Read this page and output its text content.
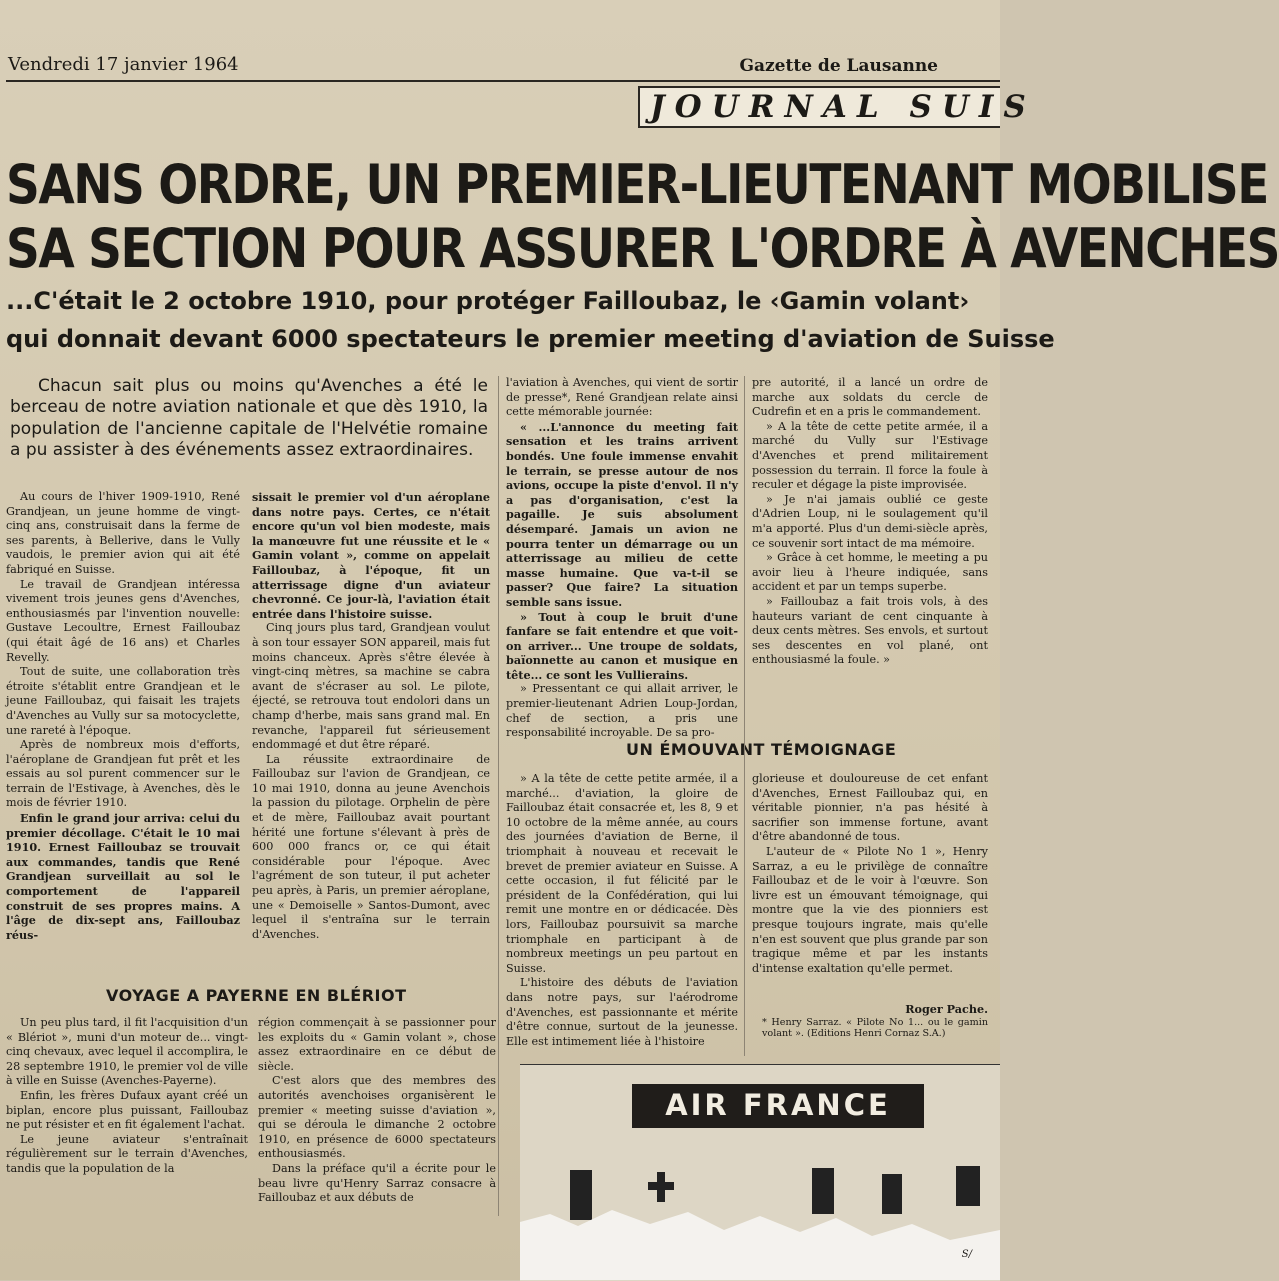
Vendredi 17 janvier 1964	Gazette de Lausanne
JOURNAL SUIS
SANS ORDRE, UN PREMIER-LIEUTENANT MOBILISE
SA SECTION POUR ASSURER L'ORDRE À AVENCHES
...C'était le 2 octobre 1910, pour protéger Failloubaz, le ‹Gamin volant›
qui donnait devant 6000 spectateurs le premier meeting d'aviation de Suisse
Chacun sait plus ou moins qu'Avenches a été le berceau de notre aviation nationale et que dès 1910, la population de l'ancienne capitale de l'Helvétie romaine a pu assister à des événements assez extraordinaires.

Au cours de l'hiver 1909-1910, René Grandjean, un jeune homme de vingt-cinq ans, construisait dans la ferme de ses parents, à Bellerive, dans le Vully vaudois, le premier avion qui ait été fabriqué en Suisse.

Le travail de Grandjean intéressa vivement trois jeunes gens d'Avenches, enthousiasmés par l'invention nouvelle: Gustave Lecoultre, Ernest Failloubaz (qui était âgé de 16 ans) et Charles Revelly.

Tout de suite, une collaboration très étroite s'établit entre Grandjean et le jeune Failloubaz, qui faisait les trajets d'Avenches au Vully sur sa motocyclette, une rareté à l'époque.

Après de nombreux mois d'efforts, l'aéroplane de Grandjean fut prêt et les essais au sol purent commencer sur le terrain de l'Estivage, à Avenches, dès le mois de février 1910.

Enfin le grand jour arriva: celui du premier décollage. C'était le 10 mai 1910. Ernest Failloubaz se trouvait aux commandes, tandis que René Grandjean surveillait au sol le comportement de l'appareil construit de ses propres mains. A l'âge de dix-sept ans, Failloubaz réus-

sissait le premier vol d'un aéroplane dans notre pays. Certes, ce n'était encore qu'un vol bien modeste, mais la manœuvre fut une réussite et le « Gamin volant », comme on appelait Failloubaz, à l'époque, fit un atterrissage digne d'un aviateur chevronné. Ce jour-là, l'aviation était entrée dans l'histoire suisse.

Cinq jours plus tard, Grandjean voulut à son tour essayer SON appareil, mais fut moins chanceux. Après s'être élevée à vingt-cinq mètres, sa machine se cabra avant de s'écraser au sol. Le pilote, éjecté, se retrouva tout endolori dans un champ d'herbe, mais sans grand mal. En revanche, l'appareil fut sérieusement endommagé et dut être réparé.

La réussite extraordinaire de Failloubaz sur l'avion de Grandjean, ce 10 mai 1910, donna au jeune Avenchois la passion du pilotage. Orphelin de père et de mère, Failloubaz avait pourtant hérité une fortune s'élevant à près de 600 000 francs or, ce qui était considérable pour l'époque. Avec l'agrément de son tuteur, il put acheter peu après, à Paris, un premier aéroplane, une « Demoiselle » Santos-Dumont, avec lequel il s'entraîna sur le terrain d'Avenches.

l'aviation à Avenches, qui vient de sortir de presse*, René Grandjean relate ainsi cette mémorable journée:

« ...L'annonce du meeting fait sensation et les trains arrivent bondés. Une foule immense envahit le terrain, se presse autour de nos avions, occupe la piste d'envol. Il n'y a pas d'organisation, c'est la pagaille. Je suis absolument désemparé. Jamais un avion ne pourra tenter un démarrage ou un atterrissage au milieu de cette masse humaine. Que va-t-il se passer? Que faire? La situation semble sans issue.

» Tout à coup le bruit d'une fanfare se fait entendre et que voit-on arriver... Une troupe de soldats, baïonnette au canon et musique en tête... ce sont les Vullierains.

» Pressentant ce qui allait arriver, le premier-lieutenant Adrien Loup-Jordan, chef de section, a pris une responsabilité incroyable. De sa pro-

pre autorité, il a lancé un ordre de marche aux soldats du cercle de Cudrefin et en a pris le commandement.

» A la tête de cette petite armée, il a marché du Vully sur l'Estivage d'Avenches et prend militairement possession du terrain. Il force la foule à reculer et dégage la piste improvisée.

» Je n'ai jamais oublié ce geste d'Adrien Loup, ni le soulagement qu'il m'a apporté. Plus d'un demi-siècle après, ce souvenir sort intact de ma mémoire.

» Grâce à cet homme, le meeting a pu avoir lieu à l'heure indiquée, sans accident et par un temps superbe.

» Failloubaz a fait trois vols, à des hauteurs variant de cent cinquante à deux cents mètres. Ses envols, et surtout ses descentes en vol plané, ont enthousiasmé la foule. »

UN ÉMOUVANT TÉMOIGNAGE

» A la tête de cette petite armée, il a marché... d'aviation, la gloire de Failloubaz était consacrée et, les 8, 9 et 10 octobre de la même année, au cours des journées d'aviation de Berne, il triomphait à nouveau et recevait le brevet de premier aviateur en Suisse. A cette occasion, il fut félicité par le président de la Confédération, qui lui remit une montre en or dédicacée. Dès lors, Failloubaz poursuivit sa marche triomphale en participant à de nombreux meetings un peu partout en Suisse.

L'histoire des débuts de l'aviation dans notre pays, sur l'aérodrome d'Avenches, est passionnante et mérite d'être connue, surtout de la jeunesse. Elle est intimement liée à l'histoire

glorieuse et douloureuse de cet enfant d'Avenches, Ernest Failloubaz qui, en véritable pionnier, n'a pas hésité à sacrifier son immense fortune, avant d'être abandonné de tous.

L'auteur de « Pilote No 1 », Henry Sarraz, a eu le privilège de connaître Failloubaz et de le voir à l'œuvre. Son livre est un émouvant témoignage, qui montre que la vie des pionniers est presque toujours ingrate, mais qu'elle n'en est souvent que plus grande par son tragique même et par les instants d'intense exaltation qu'elle permet.

Roger Pache.

* Henry Sarraz. « Pilote No 1... ou le gamin volant ». (Editions Henri Cornaz S.A.)

VOYAGE A PAYERNE EN BLÉRIOT

Un peu plus tard, il fit l'acquisition d'un « Blériot », muni d'un moteur de... vingt-cinq chevaux, avec lequel il accomplira, le 28 septembre 1910, le premier vol de ville à ville en Suisse (Avenches-Payerne).

Enfin, les frères Dufaux ayant créé un biplan, encore plus puissant, Failloubaz ne put résister et en fit également l'achat.

Le jeune aviateur s'entraînait régulièrement sur le terrain d'Avenches, tandis que la population de la

région commençait à se passionner pour les exploits du « Gamin volant », chose assez extraordinaire en ce début de siècle.

C'est alors que des membres des autorités avenchoises organisèrent le premier « meeting suisse d'aviation », qui se déroula le dimanche 2 octobre 1910, en présence de 6000 spectateurs enthousiasmés.

Dans la préface qu'il a écrite pour le beau livre qu'Henry Sarraz consacre à Failloubaz et aux débuts de

AIR FRANCE
S/
